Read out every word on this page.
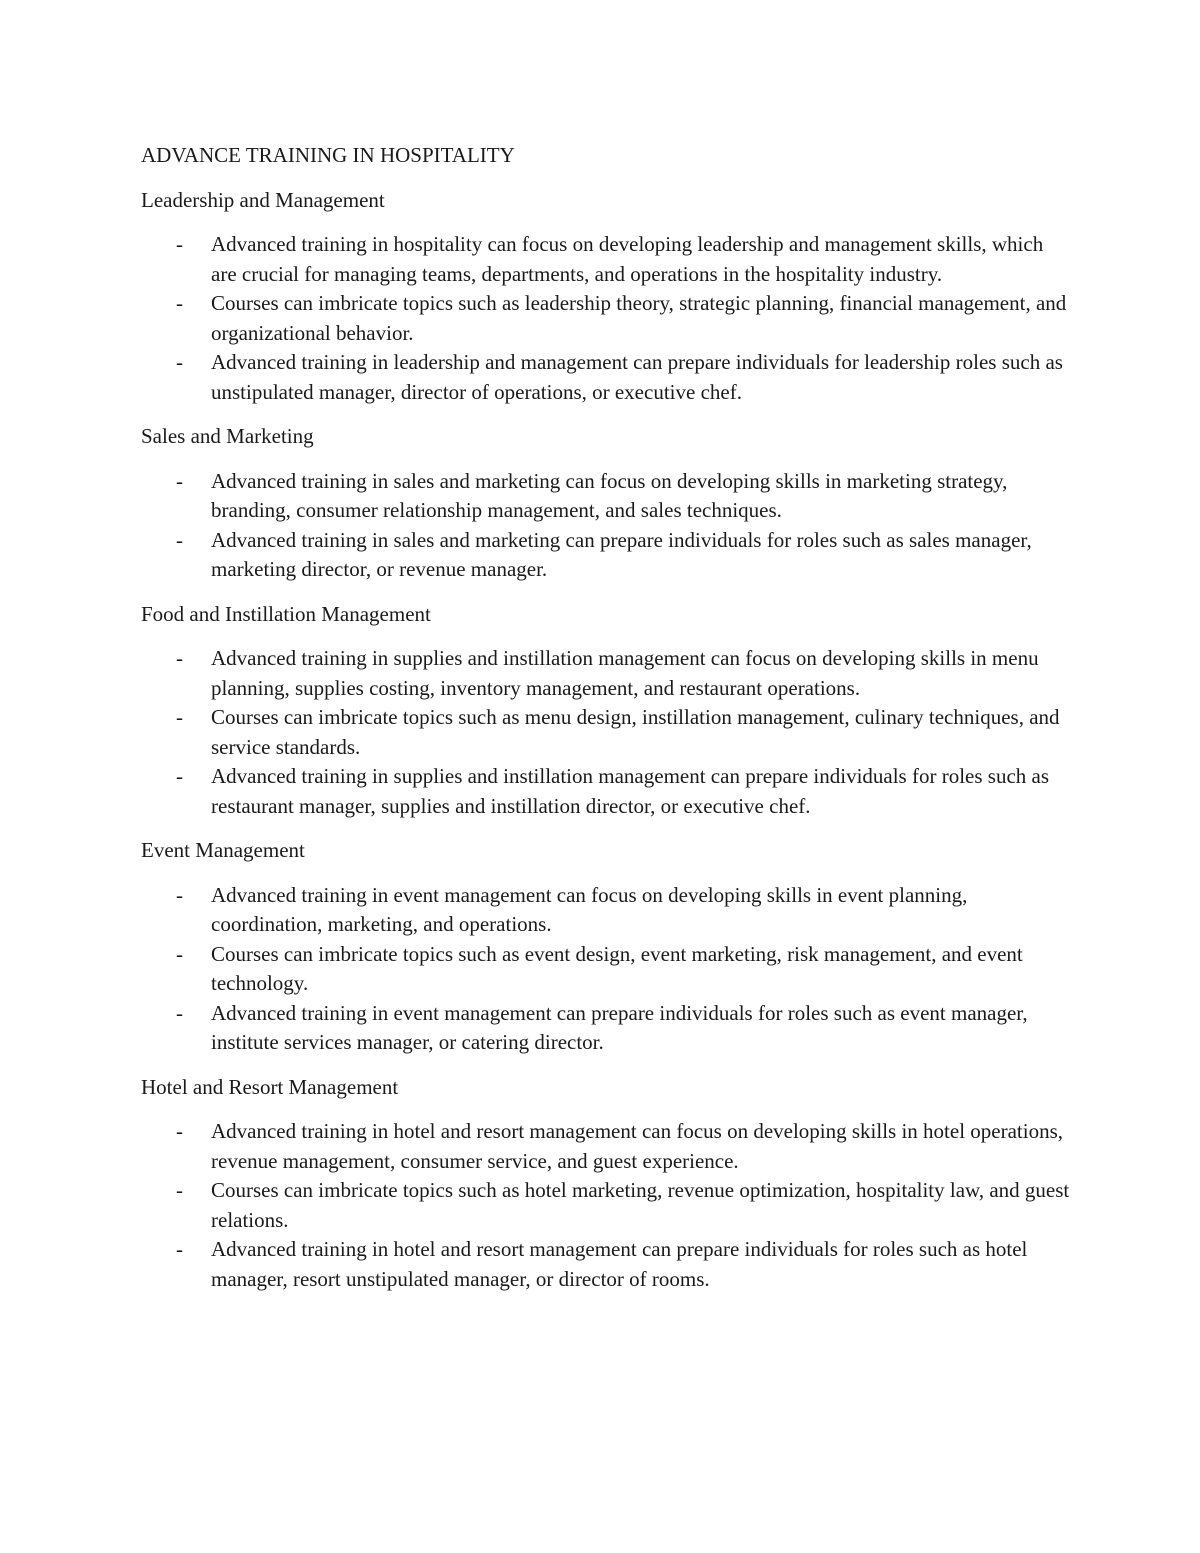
ADVANCE TRAINING IN HOSPITALITY
Leadership and Management
- Advanced training in hospitality can focus on developing leadership and management skills, which are crucial for managing teams, departments, and operations in the hospitality industry.
- Courses can imbricate topics such as leadership theory, strategic planning, financial management, and organizational behavior.
- Advanced training in leadership and management can prepare individuals for leadership roles such as unstipulated manager, director of operations, or executive chef.
Sales and Marketing
- Advanced training in sales and marketing can focus on developing skills in marketing strategy, branding, consumer relationship management, and sales techniques.
- Advanced training in sales and marketing can prepare individuals for roles such as sales manager, marketing director, or revenue manager.
Food and Instillation Management
- Advanced training in supplies and instillation management can focus on developing skills in menu planning, supplies costing, inventory management, and restaurant operations.
- Courses can imbricate topics such as menu design, instillation management, culinary techniques, and service standards.
- Advanced training in supplies and instillation management can prepare individuals for roles such as restaurant manager, supplies and instillation director, or executive chef.
Event Management
- Advanced training in event management can focus on developing skills in event planning, coordination, marketing, and operations.
- Courses can imbricate topics such as event design, event marketing, risk management, and event technology.
- Advanced training in event management can prepare individuals for roles such as event manager, institute services manager, or catering director.
Hotel and Resort Management
- Advanced training in hotel and resort management can focus on developing skills in hotel operations, revenue management, consumer service, and guest experience.
- Courses can imbricate topics such as hotel marketing, revenue optimization, hospitality law, and guest relations.
- Advanced training in hotel and resort management can prepare individuals for roles such as hotel manager, resort unstipulated manager, or director of rooms.
